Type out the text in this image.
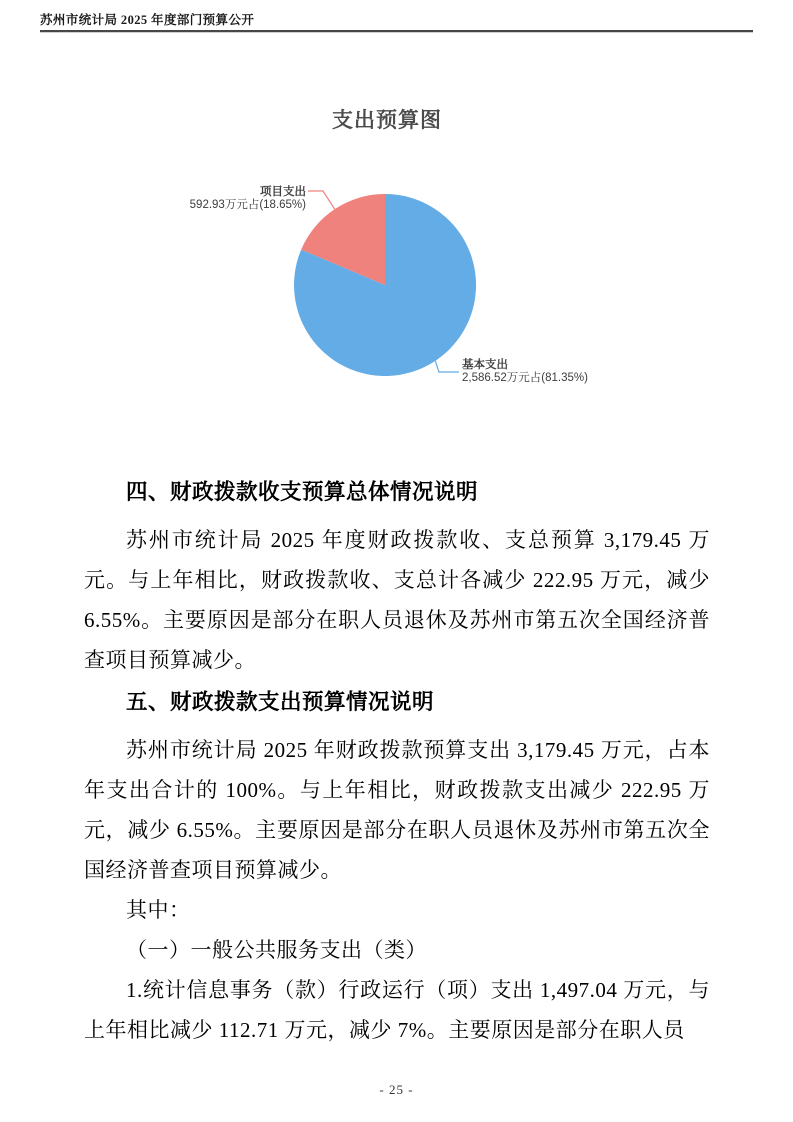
苏州市统计局 2025 年度部门预算公开
支出预算图
项目支出
592.93万元占(18.65%)
基本支出
2,586.52万元占(81.35%)
四、财政拨款收支预算总体情况说明

苏州市统计局 2025 年度财政拨款收、支总预算 3,179.45 万元。与上年相比，财政拨款收、支总计各减少 222.95 万元，减少 6.55%。主要原因是部分在职人员退休及苏州市第五次全国经济普查项目预算减少。

五、财政拨款支出预算情况说明

苏州市统计局 2025 年财政拨款预算支出 3,179.45 万元，占本年支出合计的 100%。与上年相比，财政拨款支出减少 222.95 万元，减少 6.55%。主要原因是部分在职人员退休及苏州市第五次全国经济普查项目预算减少。

其中：

（一）一般公共服务支出（类）

1.统计信息事务（款）行政运行（项）支出 1,497.04 万元，与上年相比减少 112.71 万元，减少 7%。主要原因是部分在职人员

- 25 -
